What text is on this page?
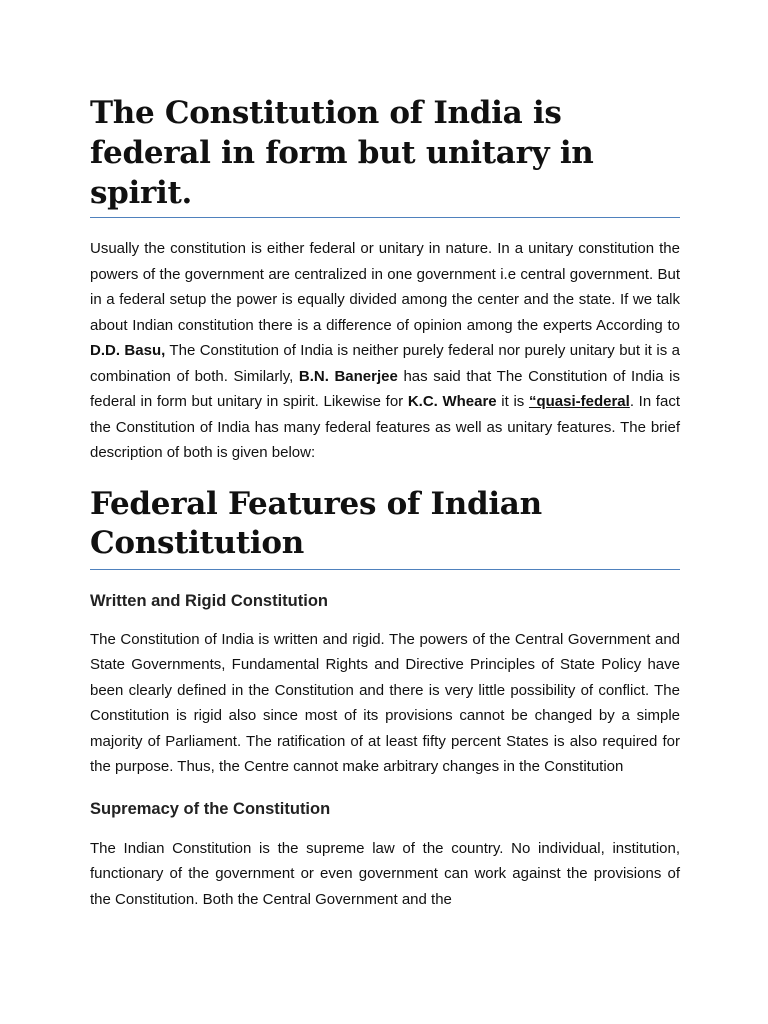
The Constitution of India is federal in form but unitary in spirit.

Usually the constitution is either federal or unitary in nature. In a unitary constitution the powers of the government are centralized in one government i.e central government. But in a federal setup the power is equally divided among the center and the state. If we talk about Indian constitution there is a difference of opinion among the experts According to D.D. Basu, The Constitution of India is neither purely federal nor purely unitary but it is a combination of both. Similarly, B.N. Banerjee has said that The Constitution of India is federal in form but unitary in spirit. Likewise for K.C. Wheare it is “quasi-federal. In fact the Constitution of India has many federal features as well as unitary features. The brief description of both is given below:

Federal Features of Indian Constitution
Written and Rigid Constitution

The Constitution of India is written and rigid. The powers of the Central Government and State Governments, Fundamental Rights and Directive Principles of State Policy have been clearly defined in the Constitution and there is very little possibility of conflict. The Constitution is rigid also since most of its provisions cannot be changed by a simple majority of Parliament. The ratification of at least fifty percent States is also required for the purpose. Thus, the Centre cannot make arbitrary changes in the Constitution

Supremacy of the Constitution

The Indian Constitution is the supreme law of the country. No individual, institution, functionary of the government or even government can work against the provisions of the Constitution. Both the Central Government and the
